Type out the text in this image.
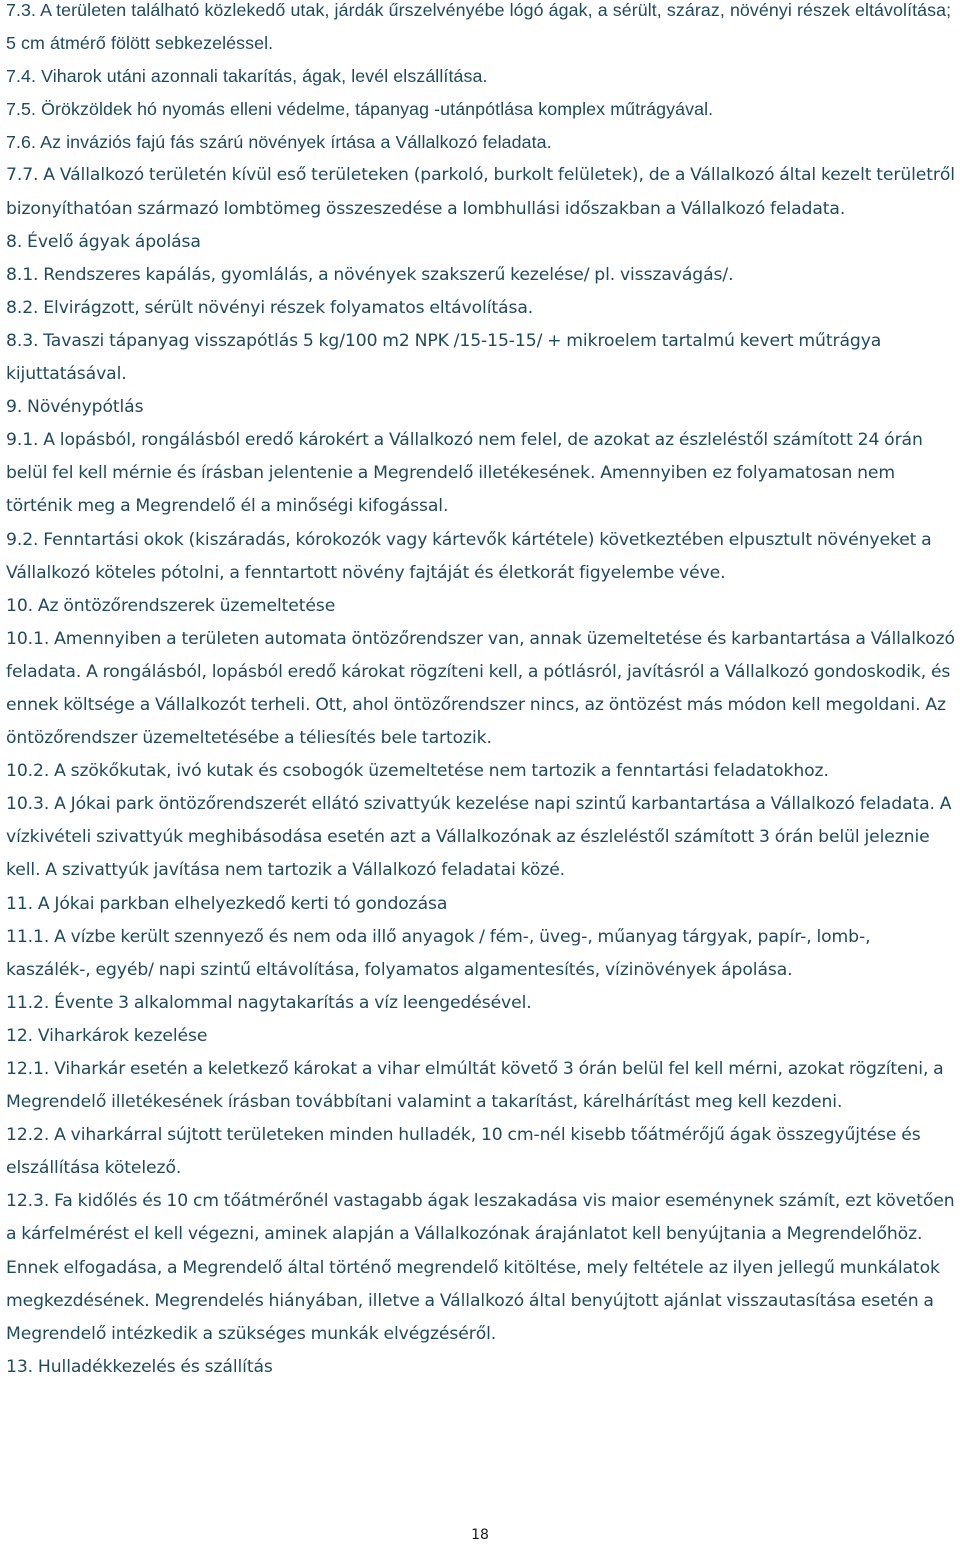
7.3. A területen található közlekedő utak, járdák űrszelvényébe lógó ágak, a sérült, száraz, növényi részek eltávolítása; 5 cm átmérő fölött sebkezeléssel.

7.4. Viharok utáni azonnali takarítás, ágak, levél elszállítása.

7.5. Örökzöldek hó nyomás elleni védelme, tápanyag -utánpótlása komplex műtrágyával.

7.6. Az inváziós fajú fás szárú növények írtása a Vállalkozó feladata.

7.7. A Vállalkozó területén kívül eső területeken (parkoló, burkolt felületek), de a Vállalkozó által kezelt területről bizonyíthatóan származó lombtömeg összeszedése a lombhullási időszakban a Vállalkozó feladata.

8. Évelő ágyak ápolása

8.1. Rendszeres kapálás, gyomlálás, a növények szakszerű kezelése/ pl. visszavágás/.

8.2. Elvirágzott, sérült növényi részek folyamatos eltávolítása.

8.3. Tavaszi tápanyag visszapótlás 5 kg/100 m2 NPK /15-15-15/ + mikroelem tartalmú kevert műtrágya kijuttatásával.

9. Növénypótlás

9.1. A lopásból, rongálásból eredő károkért a Vállalkozó nem felel, de azokat az észleléstől számított 24 órán belül fel kell mérnie és írásban jelentenie a Megrendelő illetékesének. Amennyiben ez folyamatosan nem történik meg a Megrendelő él a minőségi kifogással.

9.2. Fenntartási okok (kiszáradás, kórokozók vagy kártevők kártétele) következtében elpusztult növényeket a Vállalkozó köteles pótolni, a fenntartott növény fajtáját és életkorát figyelembe véve.

10. Az öntözőrendszerek üzemeltetése

10.1. Amennyiben a területen automata öntözőrendszer van, annak üzemeltetése és karbantartása a Vállalkozó feladata. A rongálásból, lopásból eredő károkat rögzíteni kell, a pótlásról, javításról a Vállalkozó gondoskodik, és ennek költsége a Vállalkozót terheli. Ott, ahol öntözőrendszer nincs, az öntözést más módon kell megoldani. Az öntözőrendszer üzemeltetésébe a téliesítés bele tartozik.

10.2. A szökőkutak, ivó kutak és csobogók üzemeltetése nem tartozik a fenntartási feladatokhoz.

10.3. A Jókai park öntözőrendszerét ellátó szivattyúk kezelése napi szintű karbantartása a Vállalkozó feladata. A vízkivételi szivattyúk meghibásodása esetén azt a Vállalkozónak az észleléstől számított 3 órán belül jeleznie kell. A szivattyúk javítása nem tartozik a Vállalkozó feladatai közé.

11. A Jókai parkban elhelyezkedő kerti tó gondozása

11.1. A vízbe került szennyező és nem oda illő anyagok / fém-, üveg-, műanyag tárgyak, papír-, lomb-, kaszálék-, egyéb/ napi szintű eltávolítása, folyamatos algamentesítés, vízinövények ápolása.

11.2. Évente 3 alkalommal nagytakarítás a víz leengedésével.

12. Viharkárok kezelése

12.1. Viharkár esetén a keletkező károkat a vihar elmúltát követő 3 órán belül fel kell mérni, azokat rögzíteni, a Megrendelő illetékesének írásban továbbítani valamint a takarítást, kárelhárítást meg kell kezdeni.

12.2. A viharkárral sújtott területeken minden hulladék, 10 cm-nél kisebb tőátmérőjű ágak összegyűjtése és elszállítása kötelező.

12.3. Fa kidőlés és 10 cm tőátmérőnél vastagabb ágak leszakadása vis maior eseménynek számít, ezt követően a kárfelmérést el kell végezni, aminek alapján a Vállalkozónak árajánlatot kell benyújtania a Megrendelőhöz. Ennek elfogadása, a Megrendelő által történő megrendelő kitöltése, mely feltétele az ilyen jellegű munkálatok megkezdésének. Megrendelés hiányában, illetve a Vállalkozó által benyújtott ajánlat visszautasítása esetén a Megrendelő intézkedik a szükséges munkák elvégzéséről.

13. Hulladékkezelés és szállítás

18
